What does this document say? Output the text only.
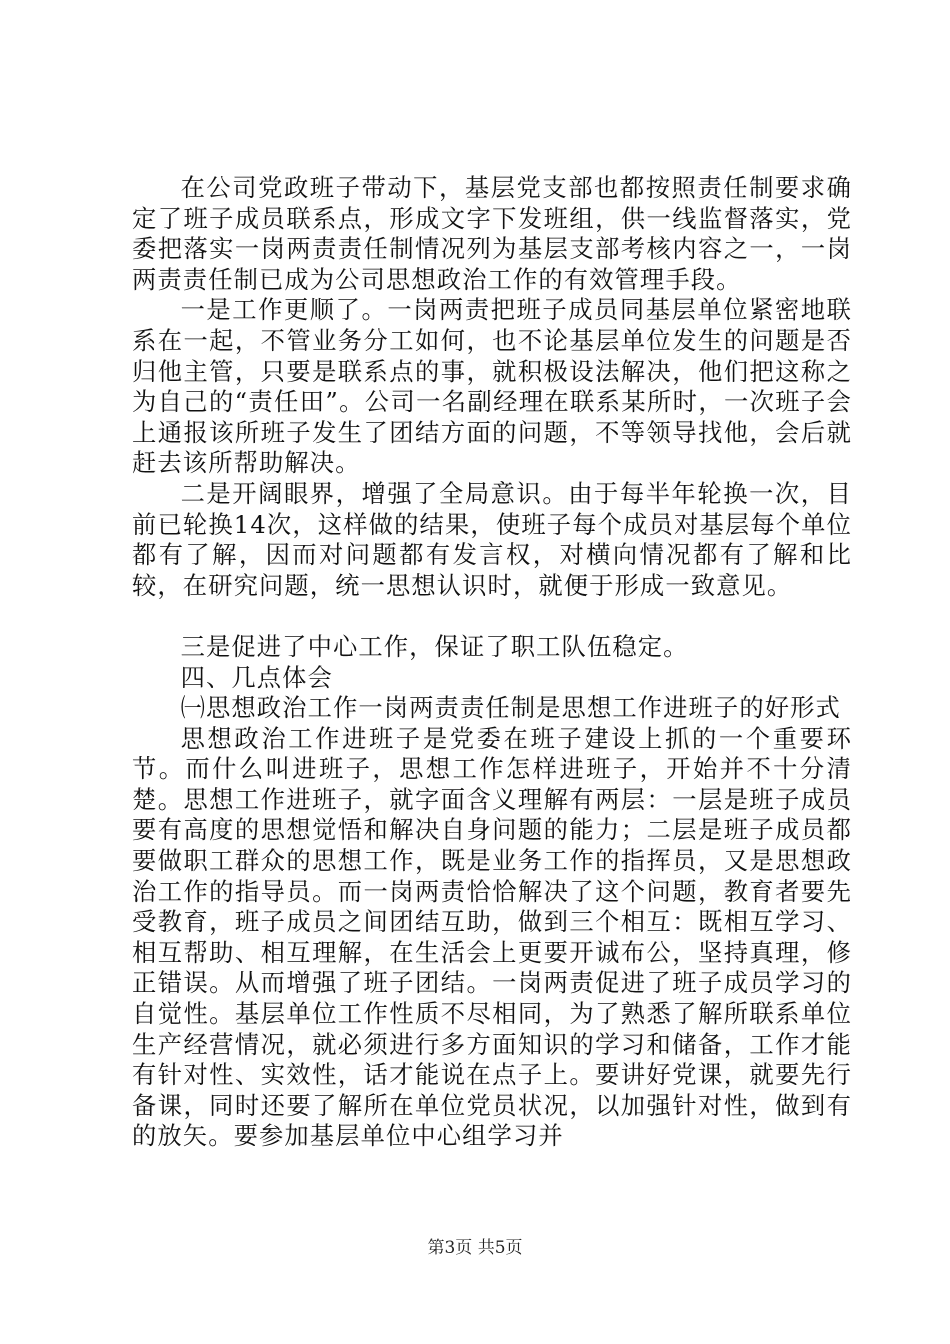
在公司党政班子带动下，基层党支部也都按照责任制要求确定了班子成员联系点，形成文字下发班组，供一线监督落实，党委把落实一岗两责责任制情况列为基层支部考核内容之一，一岗两责责任制已成为公司思想政治工作的有效管理手段。

一是工作更顺了。一岗两责把班子成员同基层单位紧密地联系在一起，不管业务分工如何，也不论基层单位发生的问题是否归他主管，只要是联系点的事，就积极设法解决，他们把这称之为自己的“责任田”。公司一名副经理在联系某所时，一次班子会上通报该所班子发生了团结方面的问题，不等领导找他，会后就赶去该所帮助解决。

二是开阔眼界，增强了全局意识。由于每半年轮换一次，目前已轮换14次，这样做的结果，使班子每个成员对基层每个单位都有了解，因而对问题都有发言权，对横向情况都有了解和比较，在研究问题，统一思想认识时，就便于形成一致意见。

三是促进了中心工作，保证了职工队伍稳定。

四、几点体会

㈠思想政治工作一岗两责责任制是思想工作进班子的好形式

思想政治工作进班子是党委在班子建设上抓的一个重要环节。而什么叫进班子，思想工作怎样进班子，开始并不十分清楚。思想工作进班子，就字面含义理解有两层：一层是班子成员要有高度的思想觉悟和解决自身问题的能力；二层是班子成员都要做职工群众的思想工作，既是业务工作的指挥员，又是思想政治工作的指导员。而一岗两责恰恰解决了这个问题，教育者要先受教育，班子成员之间团结互助，做到三个相互：既相互学习、相互帮助、相互理解，在生活会上更要开诚布公，坚持真理，修正错误。从而增强了班子团结。一岗两责促进了班子成员学习的自觉性。基层单位工作性质不尽相同，为了熟悉了解所联系单位生产经营情况，就必须进行多方面知识的学习和储备，工作才能有针对性、实效性，话才能说在点子上。要讲好党课，就要先行备课，同时还要了解所在单位党员状况，以加强针对性，做到有的放矢。要参加基层单位中心组学习并

第3页 共5页
